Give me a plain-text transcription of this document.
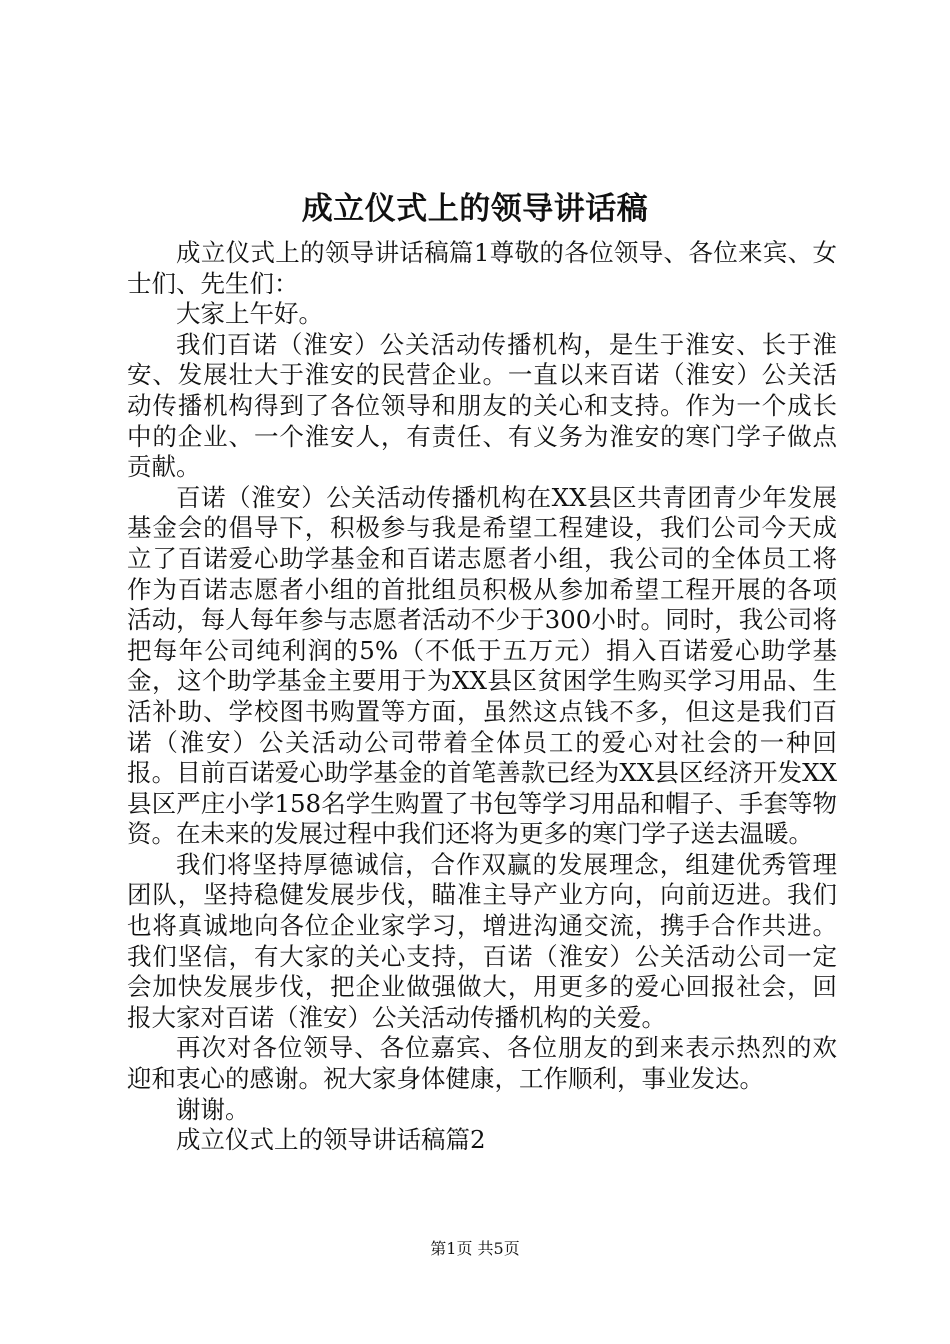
成立仪式上的领导讲话稿

成立仪式上的领导讲话稿篇1尊敬的各位领导、各位来宾、女士们、先生们：

大家上午好。

我们百诺（淮安）公关活动传播机构，是生于淮安、长于淮安、发展壮大于淮安的民营企业。一直以来百诺（淮安）公关活动传播机构得到了各位领导和朋友的关心和支持。作为一个成长中的企业、一个淮安人，有责任、有义务为淮安的寒门学子做点贡献。

百诺（淮安）公关活动传播机构在XX县区共青团青少年发展基金会的倡导下，积极参与我是希望工程建设，我们公司今天成立了百诺爱心助学基金和百诺志愿者小组，我公司的全体员工将作为百诺志愿者小组的首批组员积极从参加希望工程开展的各项活动，每人每年参与志愿者活动不少于300小时。同时，我公司将把每年公司纯利润的5%（不低于五万元）捐入百诺爱心助学基金，这个助学基金主要用于为XX县区贫困学生购买学习用品、生活补助、学校图书购置等方面，虽然这点钱不多，但这是我们百诺（淮安）公关活动公司带着全体员工的爱心对社会的一种回报。目前百诺爱心助学基金的首笔善款已经为XX县区经济开发XX县区严庄小学158名学生购置了书包等学习用品和帽子、手套等物资。在未来的发展过程中我们还将为更多的寒门学子送去温暖。

我们将坚持厚德诚信，合作双赢的发展理念，组建优秀管理团队，坚持稳健发展步伐，瞄准主导产业方向，向前迈进。我们也将真诚地向各位企业家学习，增进沟通交流，携手合作共进。我们坚信，有大家的关心支持，百诺（淮安）公关活动公司一定会加快发展步伐，把企业做强做大，用更多的爱心回报社会，回报大家对百诺（淮安）公关活动传播机构的关爱。

再次对各位领导、各位嘉宾、各位朋友的到来表示热烈的欢迎和衷心的感谢。祝大家身体健康，工作顺利，事业发达。

谢谢。

成立仪式上的领导讲话稿篇2

第1页 共5页
